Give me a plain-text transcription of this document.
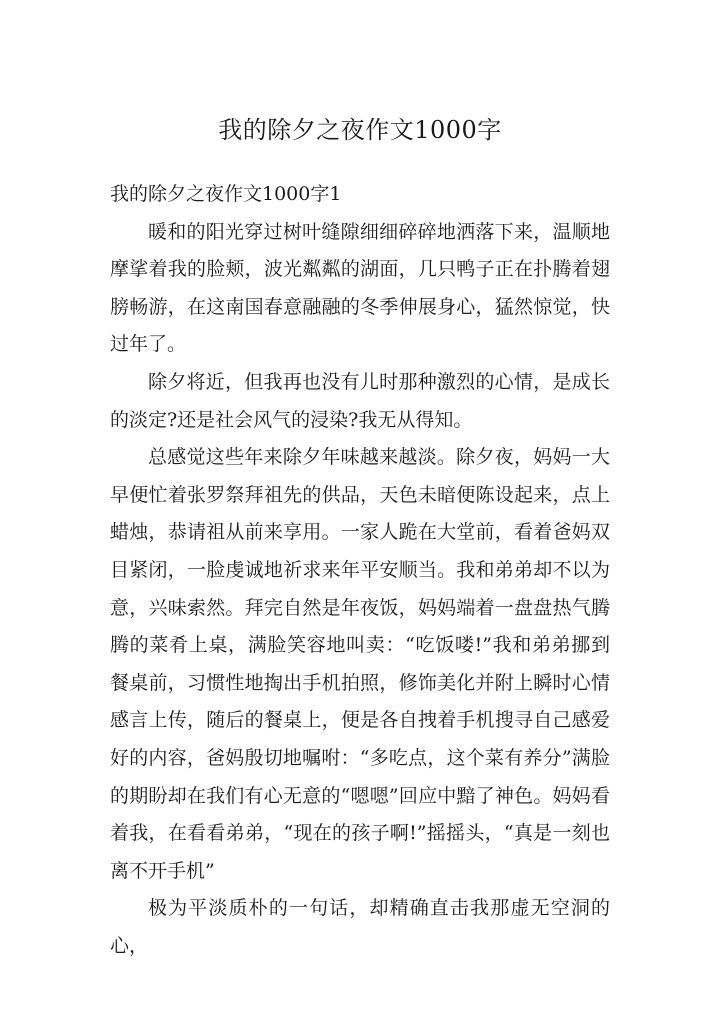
我的除夕之夜作文1000字

我的除夕之夜作文1000字1

暖和的阳光穿过树叶缝隙细细碎碎地洒落下来，温顺地摩挲着我的脸颊，波光粼粼的湖面，几只鸭子正在扑腾着翅膀畅游，在这南国春意融融的冬季伸展身心，猛然惊觉，快过年了。

除夕将近，但我再也没有儿时那种激烈的心情，是成长的淡定?还是社会风气的浸染?我无从得知。

总感觉这些年来除夕年味越来越淡。除夕夜，妈妈一大早便忙着张罗祭拜祖先的供品，天色未暗便陈设起来，点上蜡烛，恭请祖从前来享用。一家人跪在大堂前，看着爸妈双目紧闭，一脸虔诚地祈求来年平安顺当。我和弟弟却不以为意，兴味索然。拜完自然是年夜饭，妈妈端着一盘盘热气腾腾的菜肴上桌，满脸笑容地叫卖：“吃饭喽!”我和弟弟挪到餐桌前，习惯性地掏出手机拍照，修饰美化并附上瞬时心情感言上传，随后的餐桌上，便是各自拽着手机搜寻自己感爱好的内容，爸妈殷切地嘱咐：“多吃点，这个菜有养分”满脸的期盼却在我们有心无意的“嗯嗯”回应中黯了神色。妈妈看着我，在看看弟弟，“现在的孩子啊!”摇摇头，“真是一刻也离不开手机”

极为平淡质朴的一句话，却精确直击我那虚无空洞的心，
